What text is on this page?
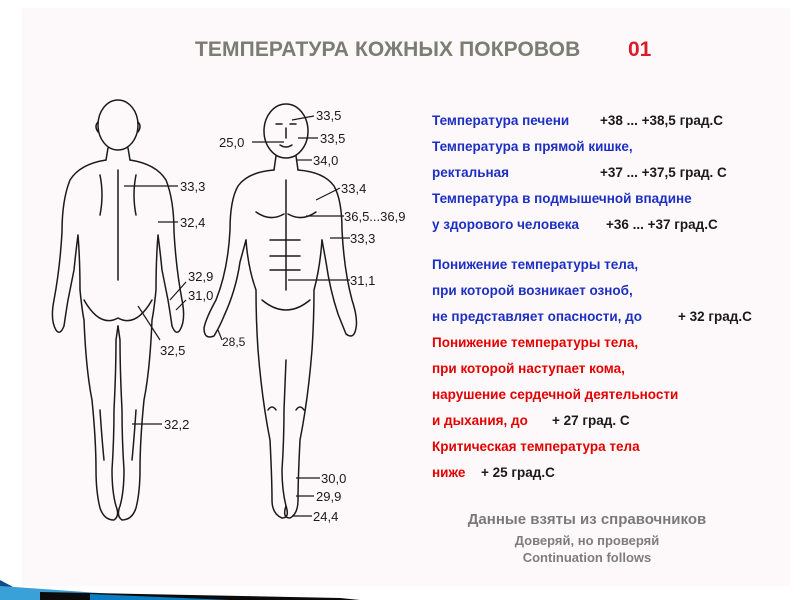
ТЕМПЕРАТУРА КОЖНЫХ ПОКРОВОВ 01
33,3
32,4
32,9
31,0
32,5
32,2
33,5
25,0	33,5
34,0
33,4
36,5...36,9
33,3
31,1
28,5
30,0
29,9
24,4
Температура печени +38 ... +38,5 град.С
Температура в прямой кишке,
ректальная	+37 ... +37,5 град. С
Температура в подмышечной впадине
у здорового человека +36 ... +37 град.С
Понижение температуры тела,
при которой возникает озноб,
не представляет опасности, до	+ 32 град.С
Понижение температуры тела,
при которой наступает кома,
нарушение сердечной деятельности
и дыхания, до + 27 град. С
Критическая температура тела
ниже + 25 град.С
Данные взяты из справочников
Доверяй, но проверяй
Continuation follows
